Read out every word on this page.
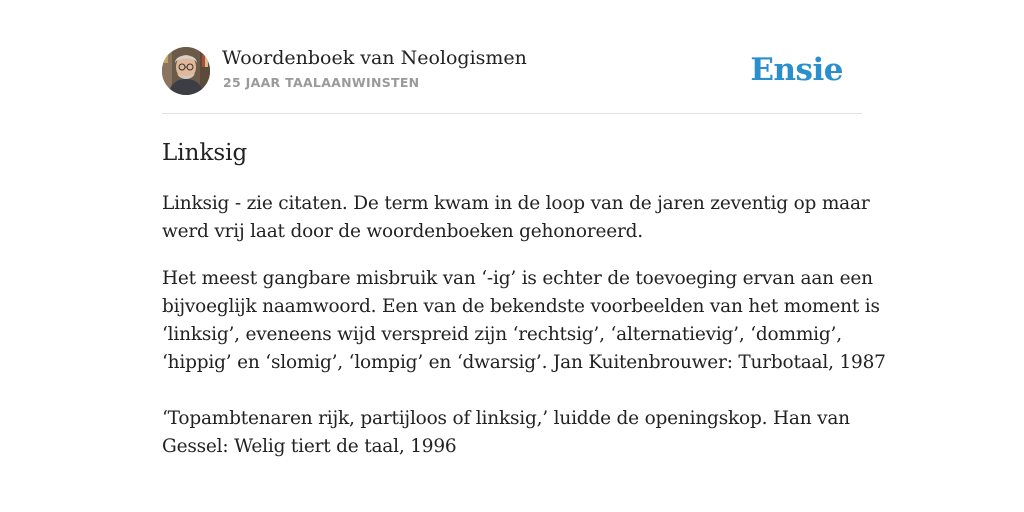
Woordenboek van Neologismen
25 JAAR TAALAANWINSTEN	Ensie
Linksig

Linksig - zie citaten. De term kwam in de loop van de jaren zeventig op maar
werd vrij laat door de woordenboeken gehonoreerd.

Het meest gangbare misbruik van ‘-ig’ is echter de toevoeging ervan aan een
bijvoeglijk naamwoord. Een van de bekendste voorbeelden van het moment is
‘linksig’, eveneens wijd verspreid zijn ‘rechtsig’, ‘alternatievig’, ‘dommig’,
‘hippig’ en ‘slomig’, ‘lompig’ en ‘dwarsig’. Jan Kuitenbrouwer: Turbotaal, 1987

‘Topambtenaren rijk, partijloos of linksig,’ luidde de openingskop. Han van
Gessel: Welig tiert de taal, 1996
